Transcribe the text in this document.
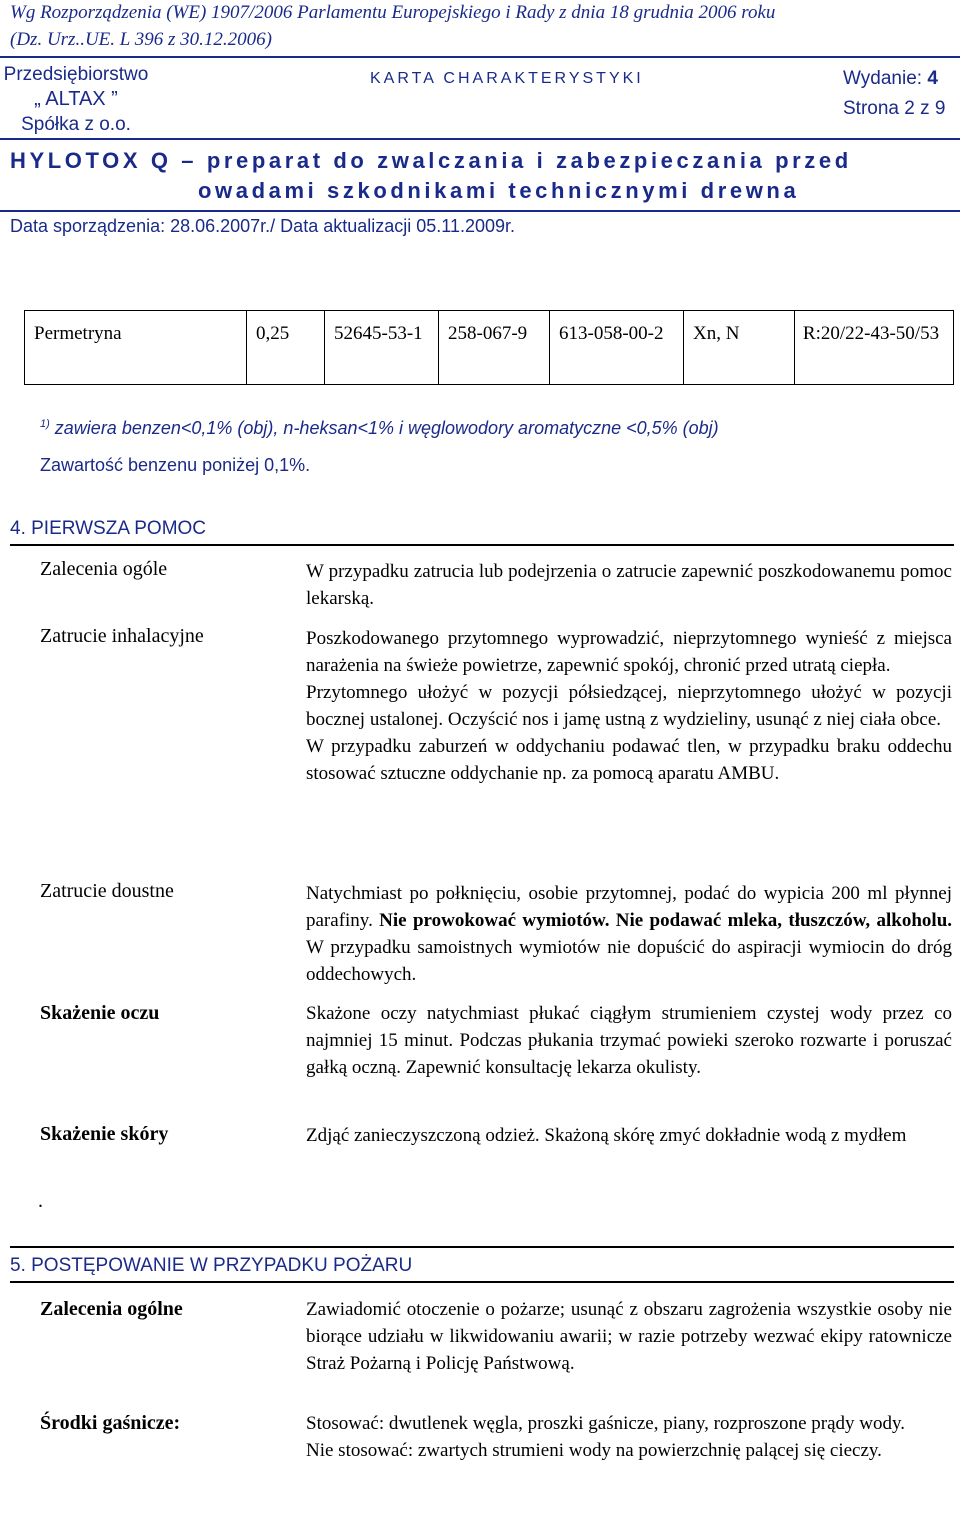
Wg Rozporządzenia (WE) 1907/2006 Parlamentu Europejskiego i Rady z dnia 18 grudnia 2006 roku
(Dz. Urz..UE. L 396 z 30.12.2006)
Przedsiębiorstwo
„ ALTAX ”
Spółka z o.o.
KARTA CHARAKTERYSTYKI	Wydanie: 4
Strona 2 z 9
HYLOTOX Q – preparat do zwalczania i zabezpieczania przed
owadami szkodnikami technicznymi drewna
Data sporządzenia: 28.06.2007r./ Data aktualizacji 05.11.2009r.
Permetryna	0,25	52645-53-1	258-067-9	613-058-00-2	Xn, N	R:20/22-43-50/53
$^{1)}$ zawiera benzen<0,1% (obj), n-heksan<1% i węglowodory aromatyczne <0,5% (obj)
Zawartość benzenu poniżej 0,1%.
4. PIERWSZA POMOC
Zalecenia ogóle	W przypadku zatrucia lub podejrzenia o zatrucie zapewnić poszkodowanemu pomoc lekarską.
Zatrucie inhalacyjne	Poszkodowanego przytomnego wyprowadzić, nieprzytomnego wynieść z miejsca narażenia na świeże powietrze, zapewnić spokój, chronić przed utratą ciepła.

Przytomnego ułożyć w pozycji półsiedzącej, nieprzytomnego ułożyć w pozycji bocznej ustalonej. Oczyścić nos i jamę ustną z wydzieliny, usunąć z niej ciała obce.

W przypadku zaburzeń w oddychaniu podawać tlen, w przypadku braku oddechu stosować sztuczne oddychanie np. za pomocą aparatu AMBU.

Zatrucie doustne	Natychmiast po połknięciu, osobie przytomnej, podać do wypicia 200 ml płynnej parafiny. Nie prowokować wymiotów. Nie podawać mleka, tłuszczów, alkoholu. W przypadku samoistnych wymiotów nie dopuścić do aspiracji wymiocin do dróg oddechowych.
Skażenie oczu	Skażone oczy natychmiast płukać ciągłym strumieniem czystej wody przez co najmniej 15 minut. Podczas płukania trzymać powieki szeroko rozwarte i poruszać gałką oczną. Zapewnić konsultację lekarza okulisty.
Skażenie skóry	Zdjąć zanieczyszczoną odzież. Skażoną skórę zmyć dokładnie wodą z mydłem
.
5. POSTĘPOWANIE W PRZYPADKU POŻARU
Zalecenia ogólne	Zawiadomić otoczenie o pożarze; usunąć z obszaru zagrożenia wszystkie osoby nie biorące udziału w likwidowaniu awarii; w razie potrzeby wezwać ekipy ratownicze Straż Pożarną i Policję Państwową.
Środki gaśnicze:	Stosować: dwutlenek węgla, proszki gaśnicze, piany, rozproszone prądy wody.

Nie stosować: zwartych strumieni wody na powierzchnię palącej się cieczy.
